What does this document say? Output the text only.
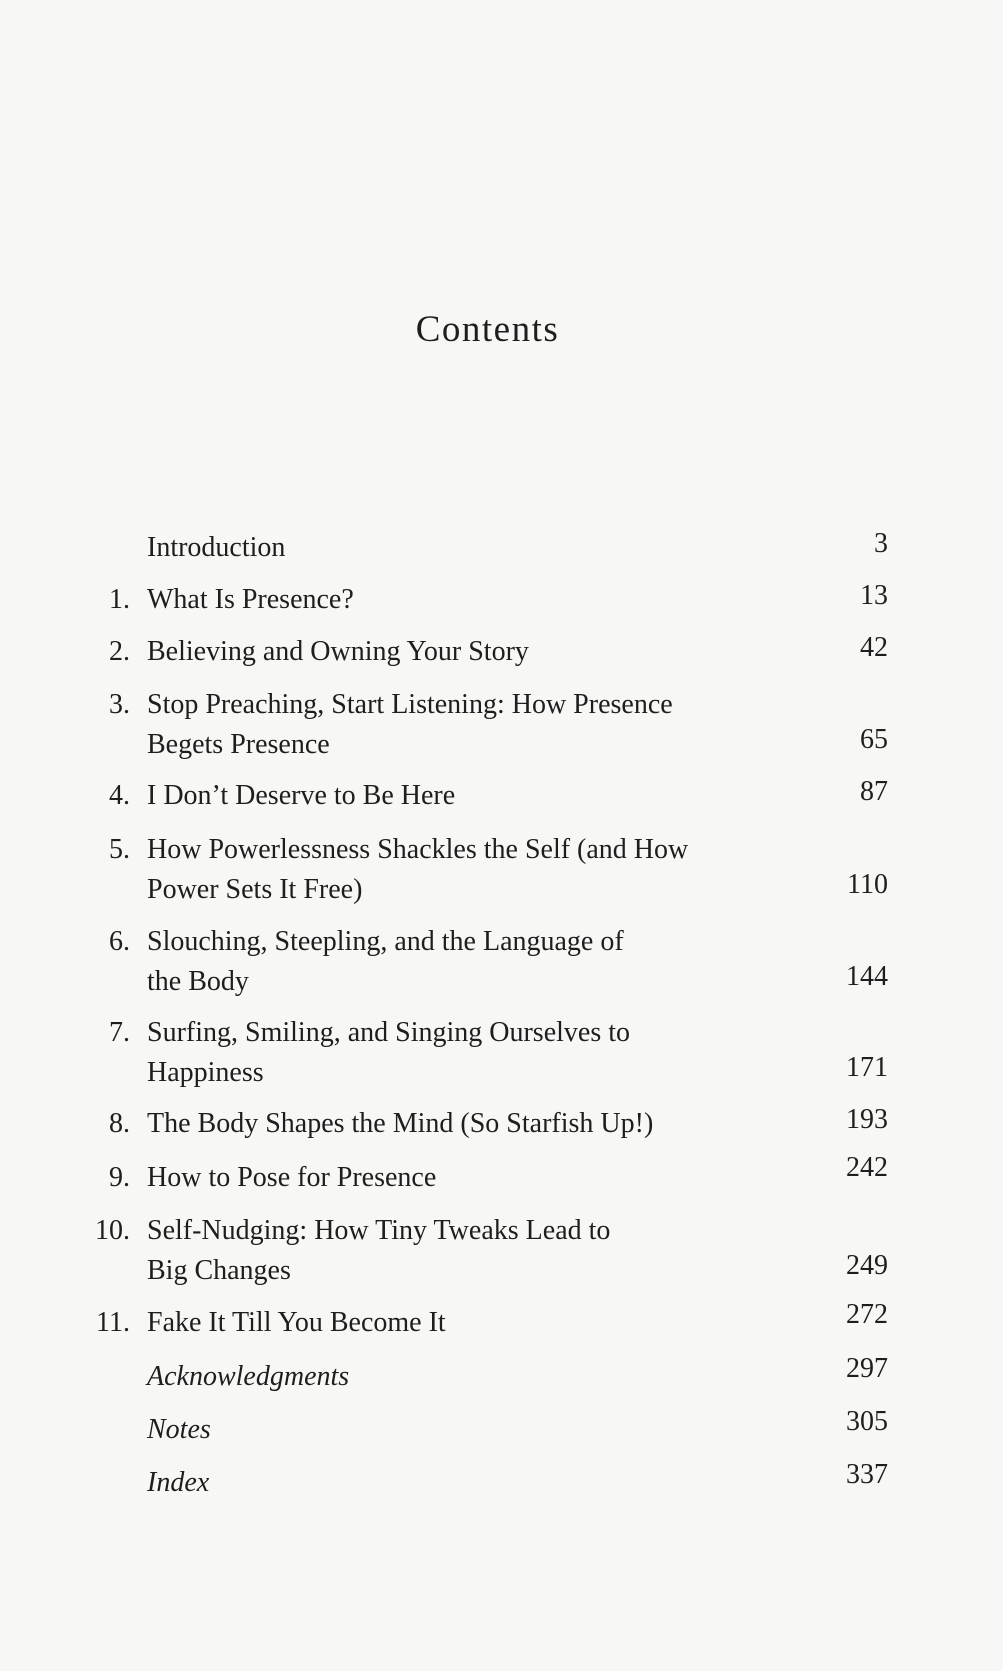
Contents
Introduction	3
1. What Is Presence?	13
2. Believing and Owning Your Story	42
3. Stop Preaching, Start Listening: How Presence
Begets Presence	65
4. I Don’t Deserve to Be Here	87
5. How Powerlessness Shackles the Self (and How
Power Sets It Free)	110
6. Slouching, Steepling, and the Language of
the Body	144
7. Surfing, Smiling, and Singing Ourselves to
Happiness	171
8. The Body Shapes the Mind (So Starfish Up!)	193
9. How to Pose for Presence	242
10. Self-Nudging: How Tiny Tweaks Lead to
Big Changes	249
11. Fake It Till You Become It	272
Acknowledgments	297
Notes	305
Index	337
